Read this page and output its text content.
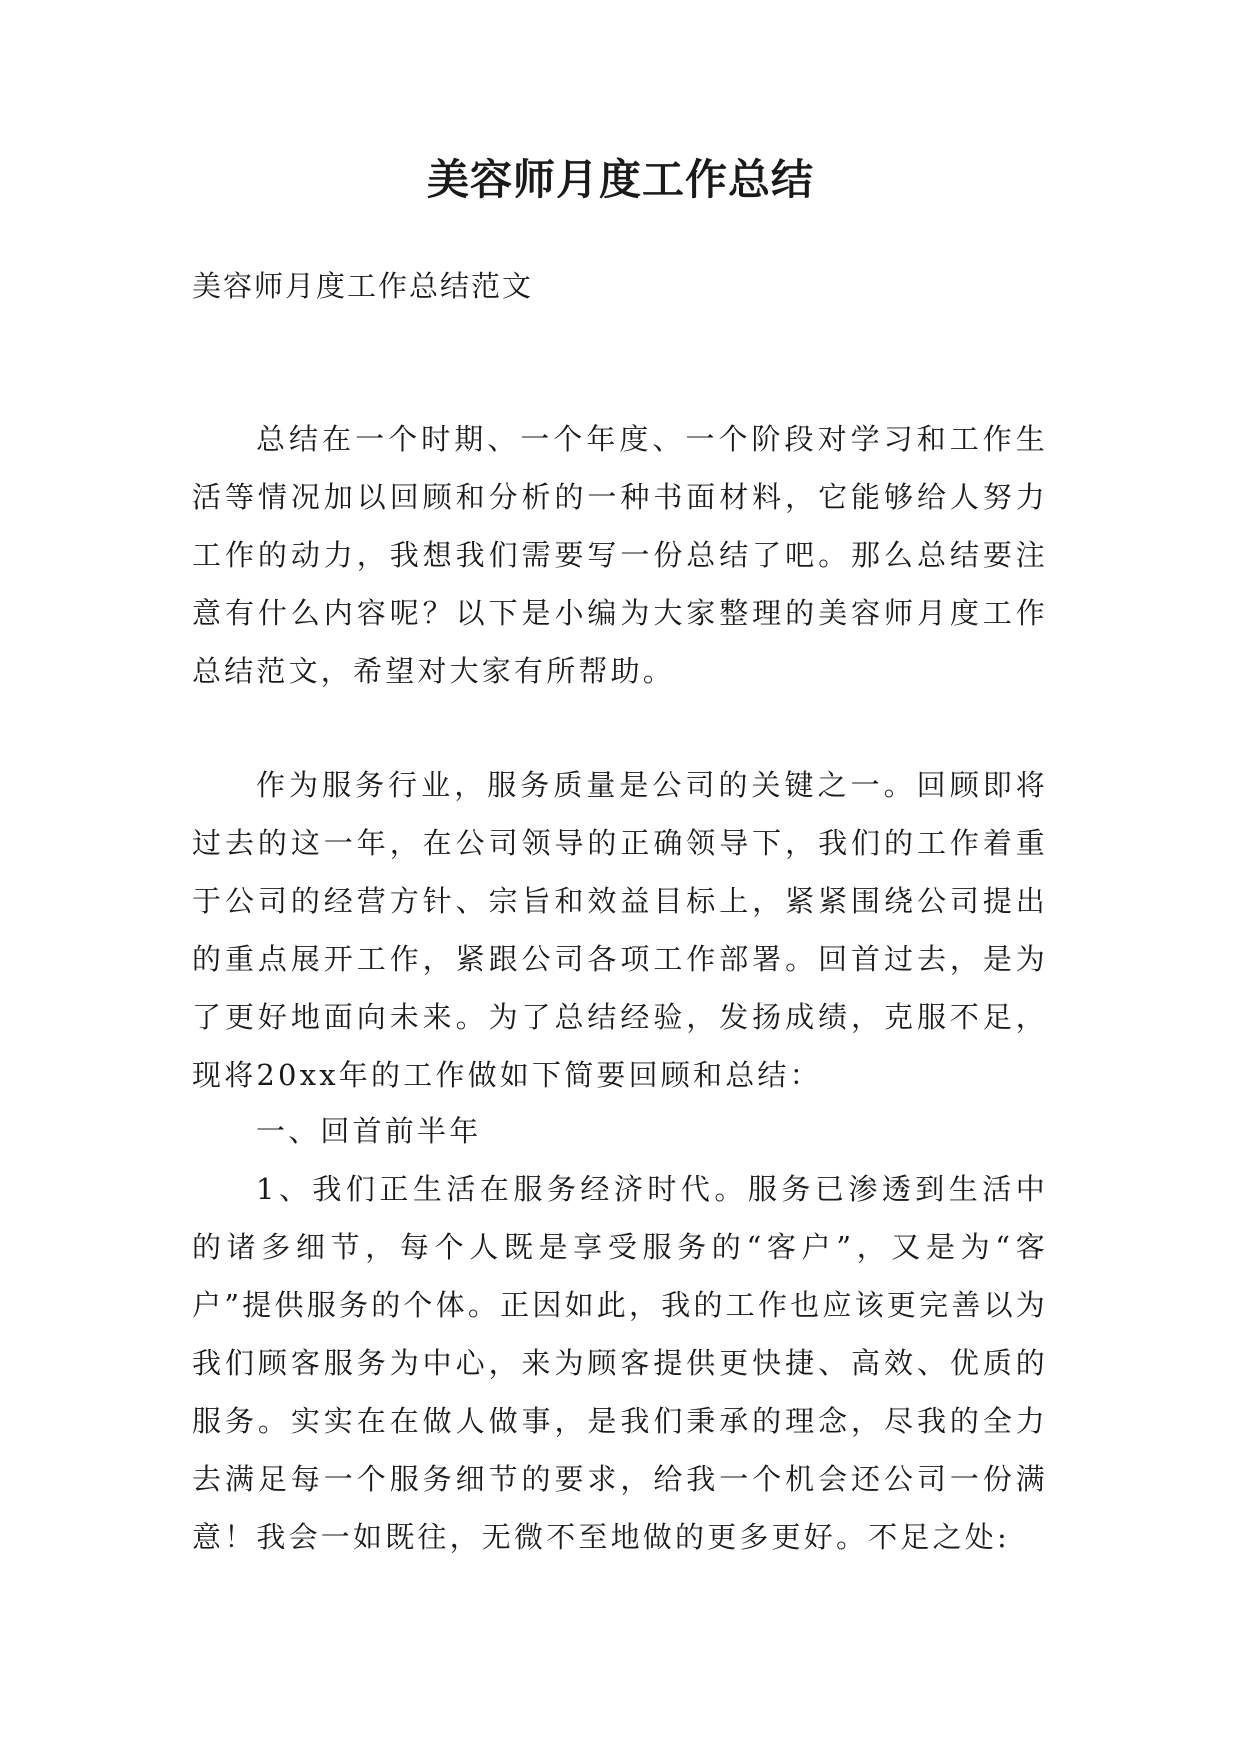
美容师月度工作总结

美容师月度工作总结范文

总结在一个时期、一个年度、一个阶段对学习和工作生活等情况加以回顾和分析的一种书面材料，它能够给人努力工作的动力，我想我们需要写一份总结了吧。那么总结要注意有什么内容呢？以下是小编为大家整理的美容师月度工作总结范文，希望对大家有所帮助。

作为服务行业，服务质量是公司的关键之一。回顾即将过去的这一年，在公司领导的正确领导下，我们的工作着重于公司的经营方针、宗旨和效益目标上，紧紧围绕公司提出的重点展开工作，紧跟公司各项工作部署。回首过去，是为了更好地面向未来。为了总结经验，发扬成绩，克服不足，现将20xx年的工作做如下简要回顾和总结：

一、回首前半年

1、我们正生活在服务经济时代。服务已渗透到生活中的诸多细节，每个人既是享受服务的“客户”，又是为“客户”提供服务的个体。正因如此，我的工作也应该更完善以为我们顾客服务为中心，来为顾客提供更快捷、高效、优质的服务。实实在在做人做事，是我们秉承的理念，尽我的全力去满足每一个服务细节的要求，给我一个机会还公司一份满意！我会一如既往，无微不至地做的更多更好。不足之处:
